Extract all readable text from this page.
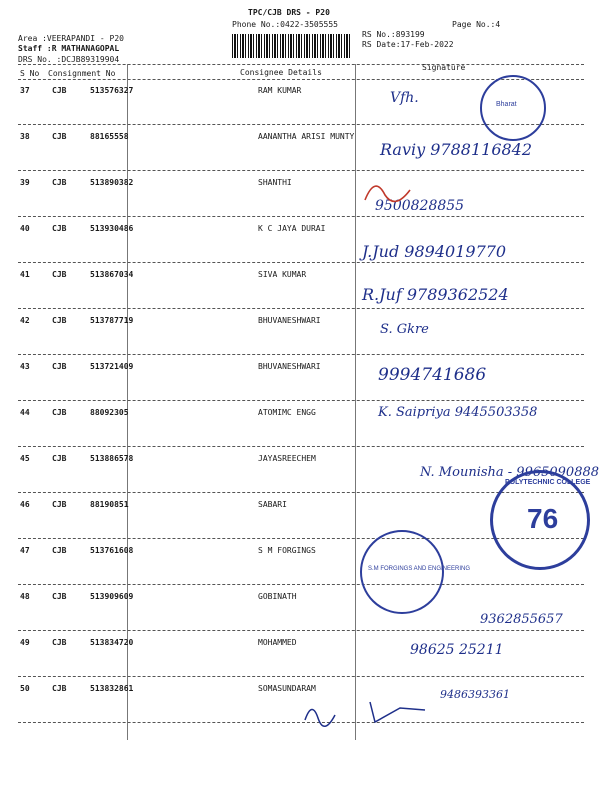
TPC/CJB DRS - P20
Phone No.:0422-3505555
Area :VEERAPANDI - P20
Staff :R MATHANAGOPAL
DRS No. :DCJB89319904
RS No.:893199
RS Date:17-Feb-2022
Page No.:4
S No Consignment No	Consignee Details
Signature
37	CJB	513576327	RAM KUMAR	Vfh.
38	CJB	88165558	AANANTHA ARISI MUNTY
Raviy 9788116842
39	CJB	513890382	SHANTHI
9500828855
40	CJB	513930486	K C JAYA DURAI
J.Jud 9894019770
41	CJB	513867034	SIVA KUMAR
R.Juf 9789362524
42	CJB	513787719	BHUVANESHWARI
S. Gkre
43	CJB	513721409	BHUVANESHWARI	9994741686
44	CJB	88092305	ATOMIMC ENGG	K. Saipriya 9445503358
45	CJB	513886578	JAYASREECHEM
N. Mounisha - 9965090888
46	CJB	88190851	SABARI
47	CJB	513761608	S M FORGINGS
48	CJB	513909609	GOBINATH
9362855657
49	CJB	513834720	MOHAMMED	98625 25211
50	CJB	513832861	SOMASUNDARAM	9486393361
Bharat
POLYTECHNIC COLLEGE
76
S.M FORGINGS AND ENGINEERING
